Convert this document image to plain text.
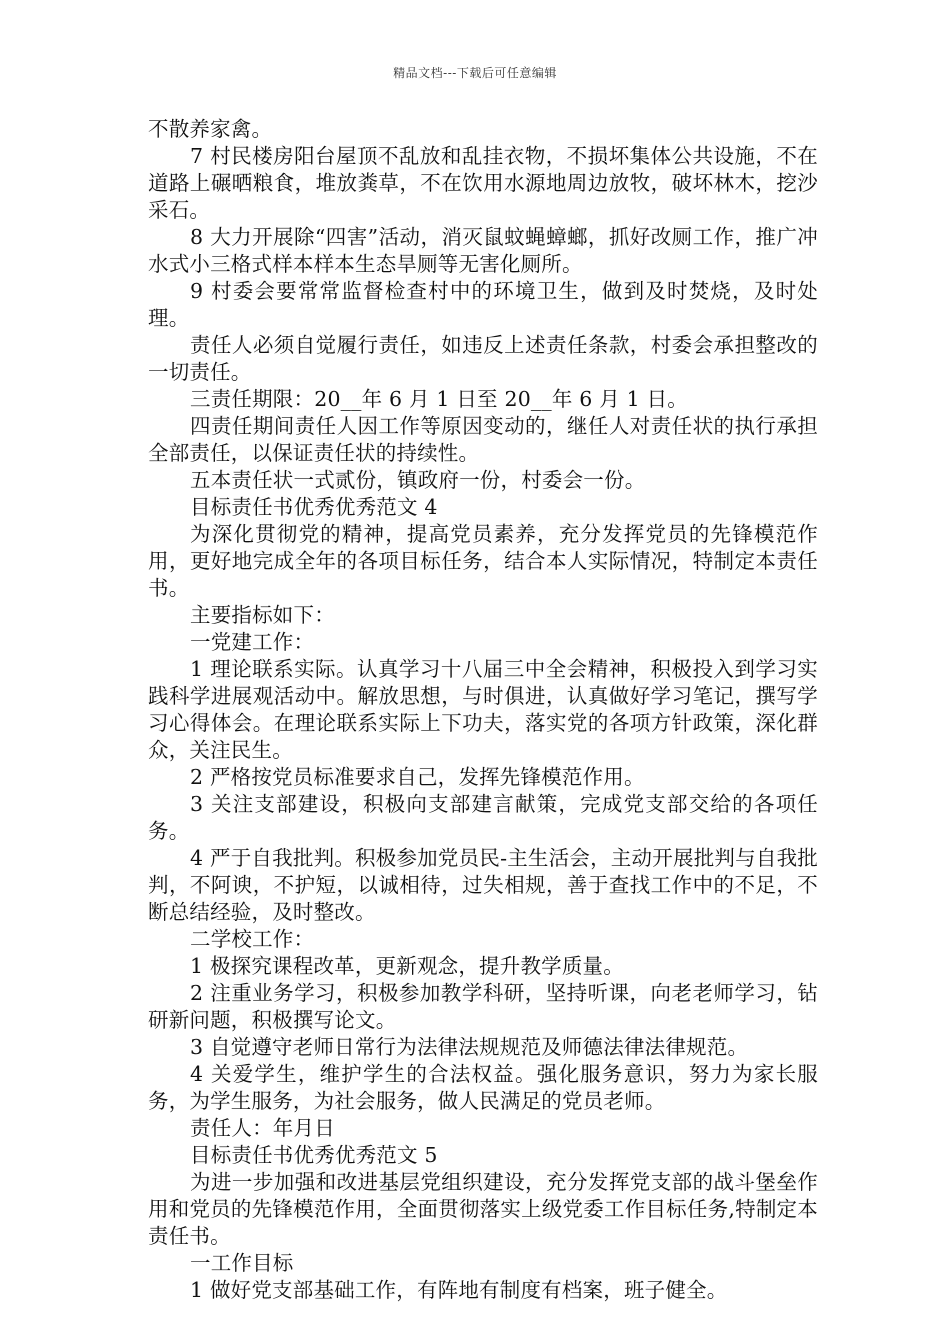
精品文档---下载后可任意编辑

不散养家禽。

7 村民楼房阳台屋顶不乱放和乱挂衣物，不损坏集体公共设施，不在道路上碾晒粮食，堆放粪草，不在饮用水源地周边放牧，破坏林木，挖沙采石。

8 大力开展除“四害”活动，消灭鼠蚊蝇蟑螂，抓好改厕工作，推广冲水式小三格式样本样本生态旱厕等无害化厕所。

9 村委会要常常监督检查村中的环境卫生，做到及时焚烧，及时处理。

责任人必须自觉履行责任，如违反上述责任条款，村委会承担整改的一切责任。

三责任期限：20__年 6 月 1 日至 20__年 6 月 1 日。

四责任期间责任人因工作等原因变动的，继任人对责任状的执行承担全部责任，以保证责任状的持续性。

五本责任状一式贰份，镇政府一份，村委会一份。

目标责任书优秀优秀范文 4

为深化贯彻党的精神，提高党员素养，充分发挥党员的先锋模范作用，更好地完成全年的各项目标任务，结合本人实际情况，特制定本责任书。

主要指标如下：

一党建工作：

1 理论联系实际。认真学习十八届三中全会精神，积极投入到学习实践科学进展观活动中。解放思想，与时俱进，认真做好学习笔记，撰写学习心得体会。在理论联系实际上下功夫，落实党的各项方针政策，深化群众，关注民生。

2 严格按党员标准要求自己，发挥先锋模范作用。

3 关注支部建设，积极向支部建言献策，完成党支部交给的各项任务。

4 严于自我批判。积极参加党员民-主生活会，主动开展批判与自我批判，不阿谀，不护短，以诚相待，过失相规，善于查找工作中的不足，不断总结经验，及时整改。

二学校工作：

1 极探究课程改革，更新观念，提升教学质量。

2 注重业务学习，积极参加教学科研，坚持听课，向老老师学习，钻研新问题，积极撰写论文。

3 自觉遵守老师日常行为法律法规规范及师德法律法律规范。

4 关爱学生，维护学生的合法权益。强化服务意识，努力为家长服务，为学生服务，为社会服务，做人民满足的党员老师。

责任人：年月日

目标责任书优秀优秀范文 5

为进一步加强和改进基层党组织建设，充分发挥党支部的战斗堡垒作用和党员的先锋模范作用，全面贯彻落实上级党委工作目标任务,特制定本责任书。

一工作目标

1 做好党支部基础工作，有阵地有制度有档案，班子健全。
